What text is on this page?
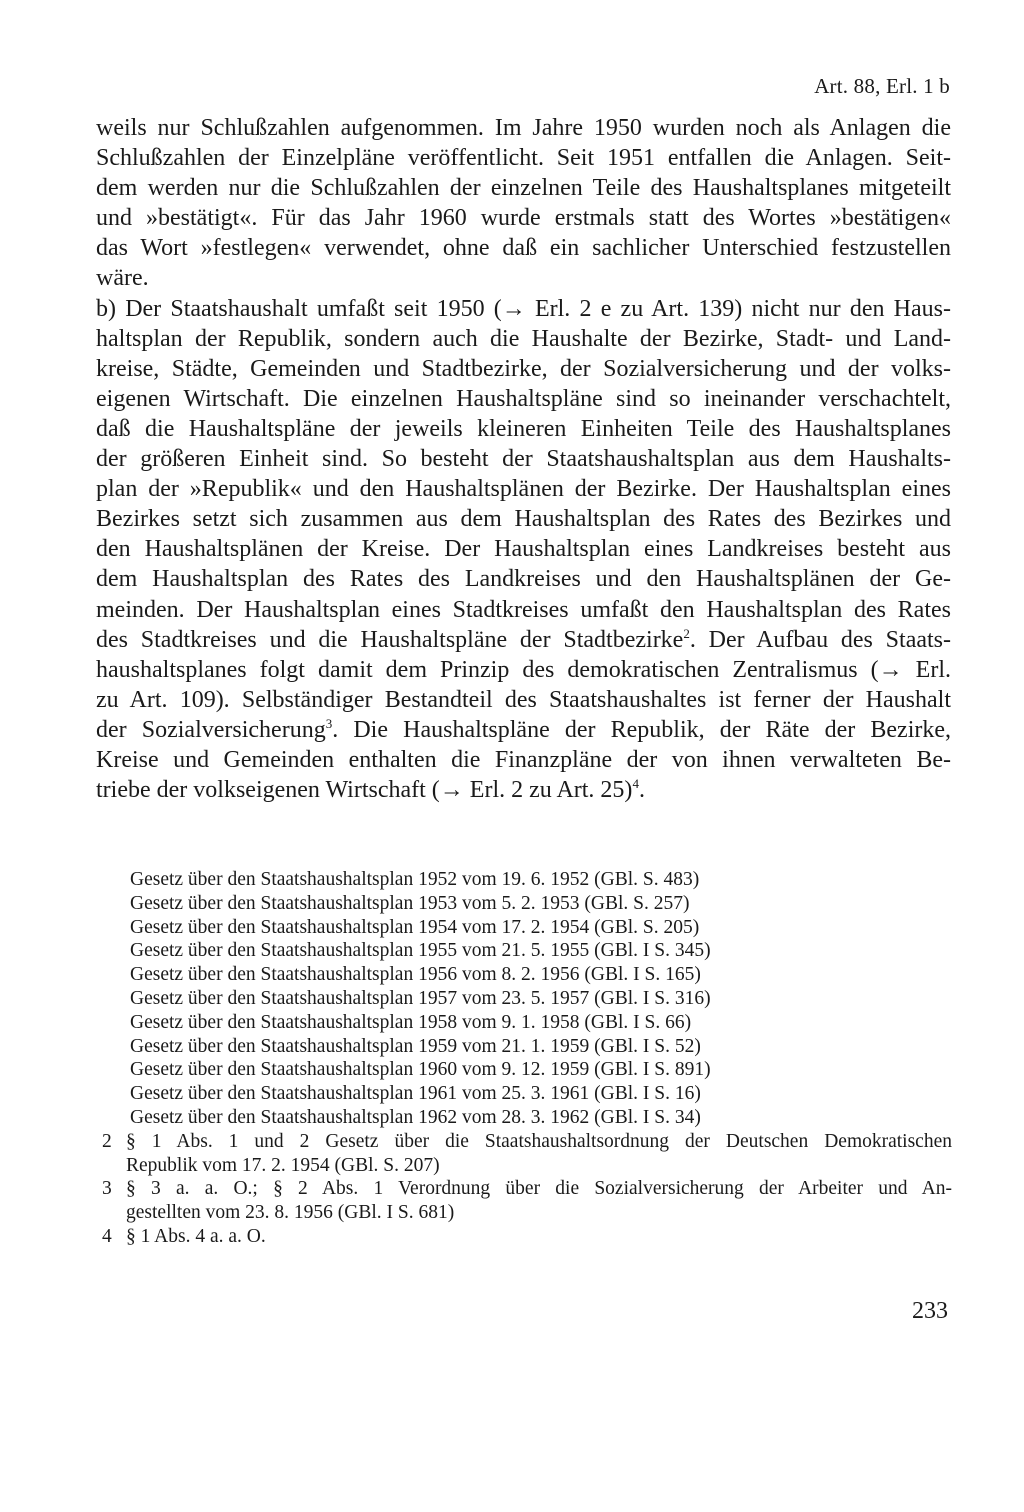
Art. 88, Erl. 1 b
weils nur Schlußzahlen aufgenommen. Im Jahre 1950 wurden noch als Anlagen die
Schlußzahlen der Einzelpläne veröffentlicht. Seit 1951 entfallen die Anlagen. Seit-
dem werden nur die Schlußzahlen der einzelnen Teile des Haushaltsplanes mitgeteilt
und »bestätigt«. Für das Jahr 1960 wurde erstmals statt des Wortes »bestätigen«
das Wort »festlegen« verwendet, ohne daß ein sachlicher Unterschied festzustellen
wäre.
b) Der Staatshaushalt umfaßt seit 1950 (→ Erl. 2 e zu Art. 139) nicht nur den Haus-
haltsplan der Republik, sondern auch die Haushalte der Bezirke, Stadt- und Land-
kreise, Städte, Gemeinden und Stadtbezirke, der Sozialversicherung und der volks-
eigenen Wirtschaft. Die einzelnen Haushaltspläne sind so ineinander verschachtelt,
daß die Haushaltspläne der jeweils kleineren Einheiten Teile des Haushaltsplanes
der größeren Einheit sind. So besteht der Staatshaushaltsplan aus dem Haushalts-
plan der »Republik« und den Haushaltsplänen der Bezirke. Der Haushaltsplan eines
Bezirkes setzt sich zusammen aus dem Haushaltsplan des Rates des Bezirkes und
den Haushaltsplänen der Kreise. Der Haushaltsplan eines Landkreises besteht aus
dem Haushaltsplan des Rates des Landkreises und den Haushaltsplänen der Ge-
meinden. Der Haushaltsplan eines Stadtkreises umfaßt den Haushaltsplan des Rates
des Stadtkreises und die Haushaltspläne der Stadtbezirke$^2$. Der Aufbau des Staats-
haushaltsplanes folgt damit dem Prinzip des demokratischen Zentralismus (→ Erl.
zu Art. 109). Selbständiger Bestandteil des Staatshaushaltes ist ferner der Haushalt
der Sozialversicherung$^3$. Die Haushaltspläne der Republik, der Räte der Bezirke,
Kreise und Gemeinden enthalten die Finanzpläne der von ihnen verwalteten Be-
triebe der volkseigenen Wirtschaft (→ Erl. 2 zu Art. 25)$^4$.
Gesetz über den Staatshaushaltsplan 1952 vom 19. 6. 1952 (GBl. S. 483)
Gesetz über den Staatshaushaltsplan 1953 vom 5. 2. 1953 (GBl. S. 257)
Gesetz über den Staatshaushaltsplan 1954 vom 17. 2. 1954 (GBl. S. 205)
Gesetz über den Staatshaushaltsplan 1955 vom 21. 5. 1955 (GBl. I S. 345)
Gesetz über den Staatshaushaltsplan 1956 vom 8. 2. 1956 (GBl. I S. 165)
Gesetz über den Staatshaushaltsplan 1957 vom 23. 5. 1957 (GBl. I S. 316)
Gesetz über den Staatshaushaltsplan 1958 vom 9. 1. 1958 (GBl. I S. 66)
Gesetz über den Staatshaushaltsplan 1959 vom 21. 1. 1959 (GBl. I S. 52)
Gesetz über den Staatshaushaltsplan 1960 vom 9. 12. 1959 (GBl. I S. 891)
Gesetz über den Staatshaushaltsplan 1961 vom 25. 3. 1961 (GBl. I S. 16)
Gesetz über den Staatshaushaltsplan 1962 vom 28. 3. 1962 (GBl. I S. 34)
2 § 1 Abs. 1 und 2 Gesetz über die Staatshaushaltsordnung der Deutschen Demokratischen
Republik vom 17. 2. 1954 (GBl. S. 207)
3 § 3 a. a. O.; § 2 Abs. 1 Verordnung über die Sozialversicherung der Arbeiter und An-
gestellten vom 23. 8. 1956 (GBl. I S. 681)
4 § 1 Abs. 4 a. a. O.
233
